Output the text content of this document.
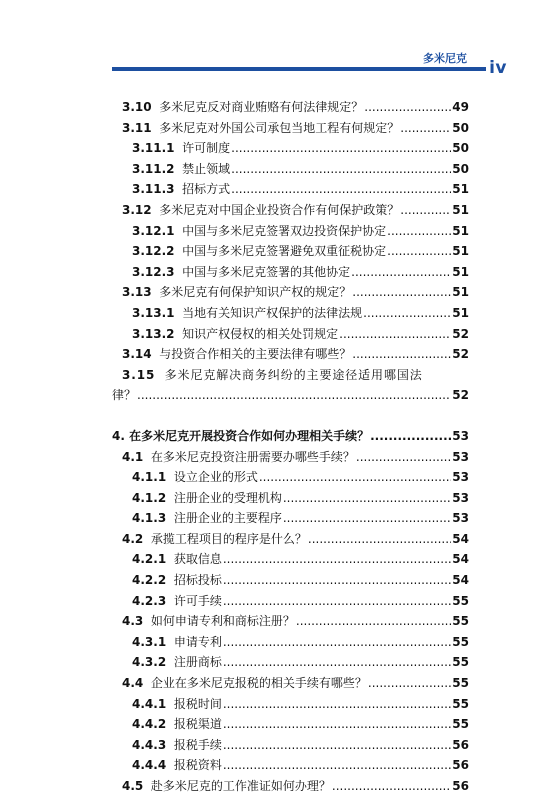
多米尼克 iv
3.10 多米尼克反对商业贿赂有何法律规定？ .....	49
3.11 多米尼克对外国公司承包当地工程有何规定？ .....	50
3.11.1 许可制度 .....	50
3.11.2 禁止领域 .....	50
3.11.3 招标方式 .....	51
3.12 多米尼克对中国企业投资合作有何保护政策？ .....	51
3.12.1 中国与多米尼克签署双边投资保护协定 .....	51
3.12.2 中国与多米尼克签署避免双重征税协定 .....	51
3.12.3 中国与多米尼克签署的其他协定 .....	51
3.13 多米尼克有何保护知识产权的规定？ .....	51
3.13.1 当地有关知识产权保护的法律法规 .....	51
3.13.2 知识产权侵权的相关处罚规定 .....	52
3.14 与投资合作相关的主要法律有哪些？ .....	52
3.15 多米尼克解决商务纠纷的主要途径适用哪国法
律？ .....	52
4. 在多米尼克开展投资合作如何办理相关手续？ .....	53
4.1 在多米尼克投资注册需要办哪些手续？ .....	53
4.1.1 设立企业的形式 .....	53
4.1.2 注册企业的受理机构 .....	53
4.1.3 注册企业的主要程序 .....	53
4.2 承揽工程项目的程序是什么？ .....	54
4.2.1 获取信息 .....	54
4.2.2 招标投标 .....	54
4.2.3 许可手续 .....	55
4.3 如何申请专利和商标注册？ .....	55
4.3.1 申请专利 .....	55
4.3.2 注册商标 .....	55
4.4 企业在多米尼克报税的相关手续有哪些？ .....	55
4.4.1 报税时间 .....	55
4.4.2 报税渠道 .....	55
4.4.3 报税手续 .....	56
4.4.4 报税资料 .....	56
4.5 赴多米尼克的工作准证如何办理？ .....	56
